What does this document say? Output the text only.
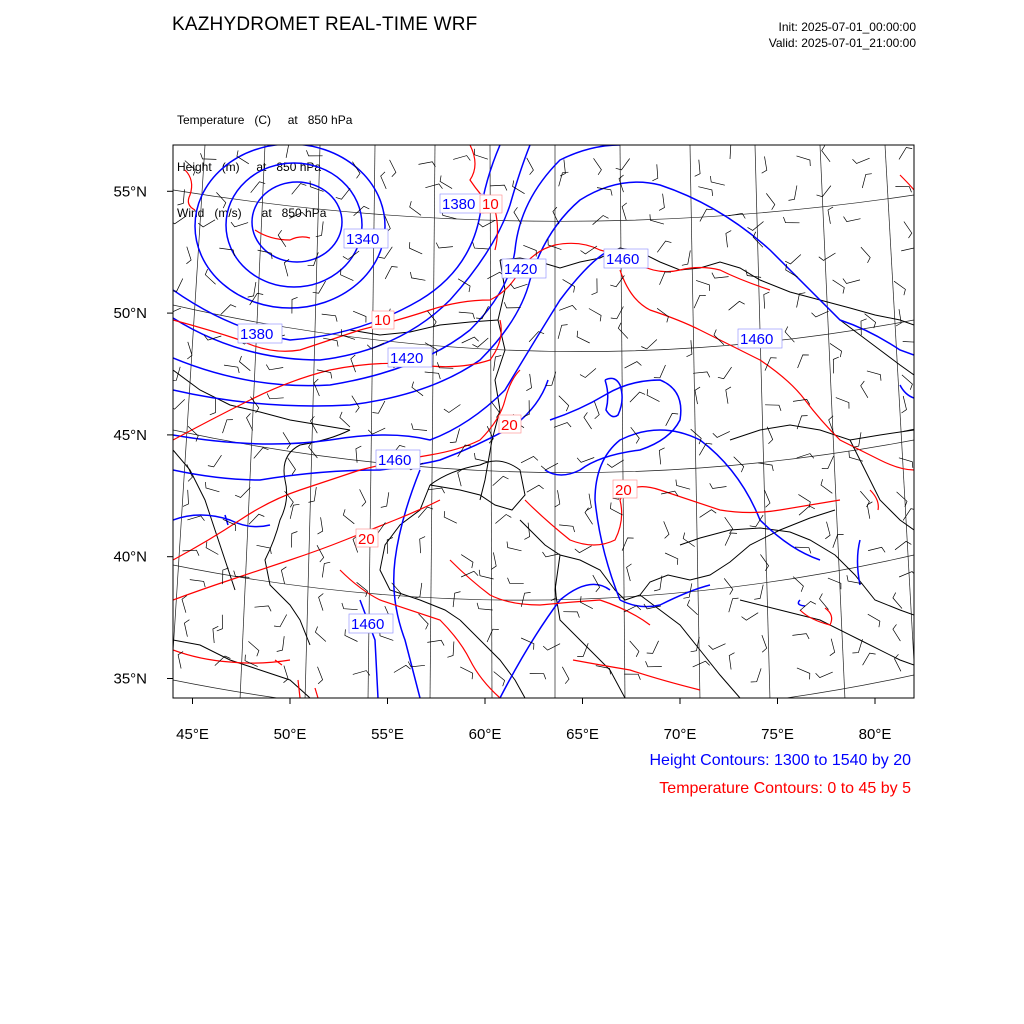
KAZHYDROMET REAL-TIME WRF	Init: 2025-07-01_00:00:00
Valid: 2025-07-01_21:00:00

Temperature   (C)     at   850 hPa

Height   (m)     at   850 hPa

Wind   (m/s)      at   850 hPa

1340
1380
1380
1420
1420
1460
1460
1460
1460
10
10
20
20
20
45°E	50°E	55°E	60°E	65°E	70°E	75°E	80°E
55°N
50°N
45°N
40°N
35°N
Height Contours: 1300 to 1540 by 20
Temperature Contours: 0 to 45 by 5
